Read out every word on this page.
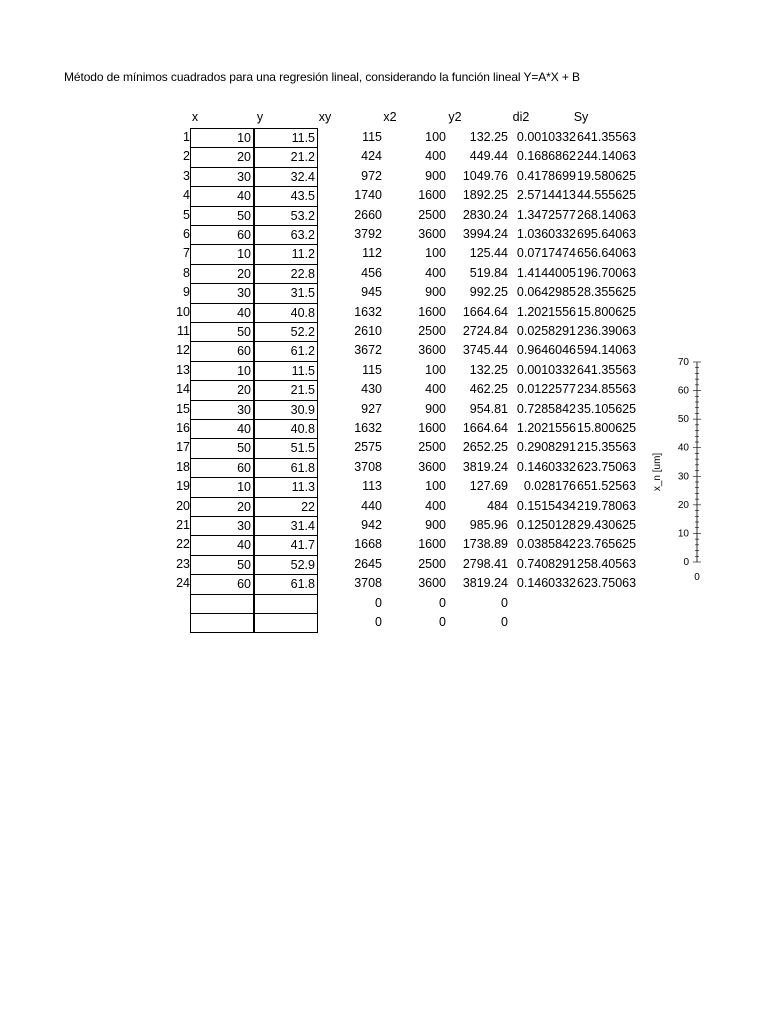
Método de mínimos cuadrados para una regresión lineal, considerando la función lineal Y=A*X + B
x	y	xy	x2	y2	di2	Sy
1	10	11.5	115	100	132.25 0.0010332 641.35563
2	20	21.2	424	400	449.44 0.1686862 244.14063
3	30	32.4	972	900	1049.76 0.4178699 19.580625
4	40	43.5	1740	1600	1892.25 2.5714413 44.555625
5	50	53.2	2660	2500	2830.24 1.3472577 268.14063
6	60	63.2	3792	3600	3994.24 1.0360332 695.64063
7	10	11.2	112	100	125.44 0.0717474 656.64063
8	20	22.8	456	400	519.84 1.4144005 196.70063
9	30	31.5	945	900	992.25 0.0642985 28.355625
10	40	40.8	1632	1600	1664.64 1.2021556 15.800625
11	50	52.2	2610	2500	2724.84 0.0258291 236.39063
12	60	61.2	3672	3600	3745.44 0.9646046 594.14063
13	10	11.5	115	100	132.25 0.0010332 641.35563
14	20	21.5	430	400	462.25 0.0122577 234.85563
15	30	30.9	927	900	954.81 0.7285842 35.105625
16	40	40.8	1632	1600	1664.64 1.2021556 15.800625
17	50	51.5	2575	2500	2652.25 0.2908291 215.35563
18	60	61.8	3708	3600	3819.24 0.1460332 623.75063
19	10	11.3	113	100	127.69	0.028176 651.52563
20	20	22	440	400	484 0.1515434 219.78063
21	30	31.4	942	900	985.96 0.1250128 29.430625
22	40	41.7	1668	1600	1738.89 0.0385842 23.765625
23	50	52.9	2645	2500	2798.41 0.7408291 258.40563
24	60	61.8	3708	3600	3819.24 0.1460332 623.75063
0	0	0
0	0	0
0
10
20
30
40
50
60
70
0
x_n [um]
